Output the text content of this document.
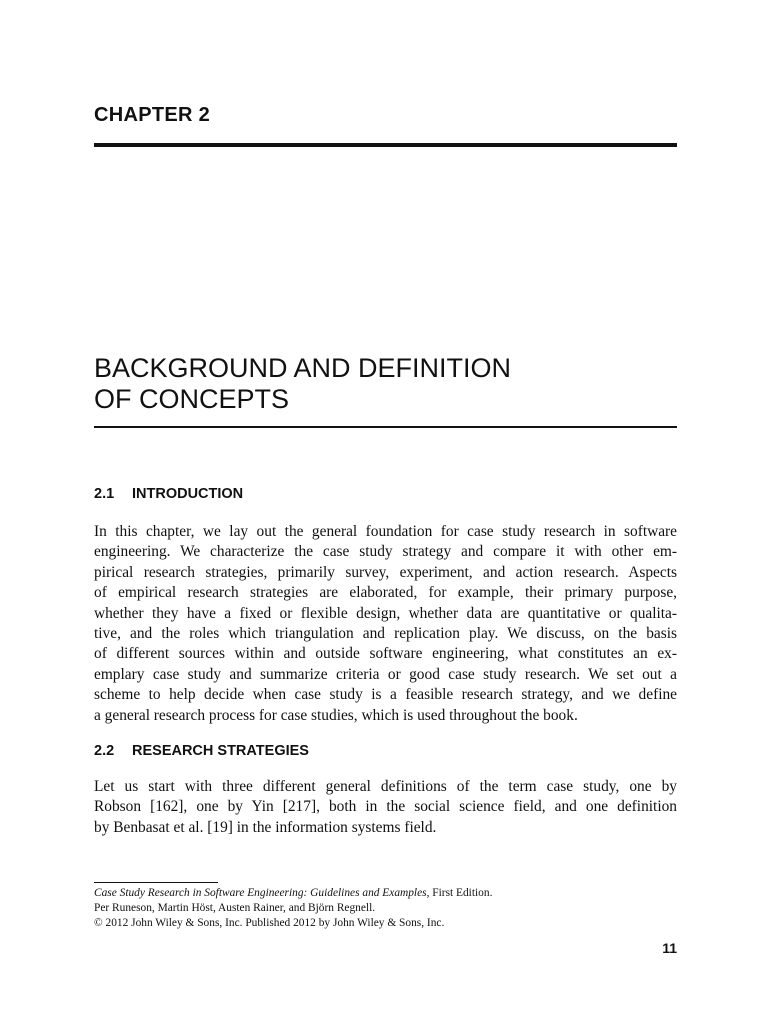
CHAPTER 2
BACKGROUND AND DEFINITION
OF CONCEPTS
2.1 INTRODUCTION
In this chapter, we lay out the general foundation for case study research in software
engineering. We characterize the case study strategy and compare it with other em-
pirical research strategies, primarily survey, experiment, and action research. Aspects
of empirical research strategies are elaborated, for example, their primary purpose,
whether they have a fixed or flexible design, whether data are quantitative or qualita-
tive, and the roles which triangulation and replication play. We discuss, on the basis
of different sources within and outside software engineering, what constitutes an ex-
emplary case study and summarize criteria or good case study research. We set out a
scheme to help decide when case study is a feasible research strategy, and we define
a general research process for case studies, which is used throughout the book.
2.2 RESEARCH STRATEGIES
Let us start with three different general definitions of the term case study, one by
Robson [162], one by Yin [217], both in the social science field, and one definition
by Benbasat et al. [19] in the information systems field.
Case Study Research in Software Engineering: Guidelines and Examples, First Edition.
Per Runeson, Martin Höst, Austen Rainer, and Björn Regnell.
© 2012 John Wiley & Sons, Inc. Published 2012 by John Wiley & Sons, Inc.
11
